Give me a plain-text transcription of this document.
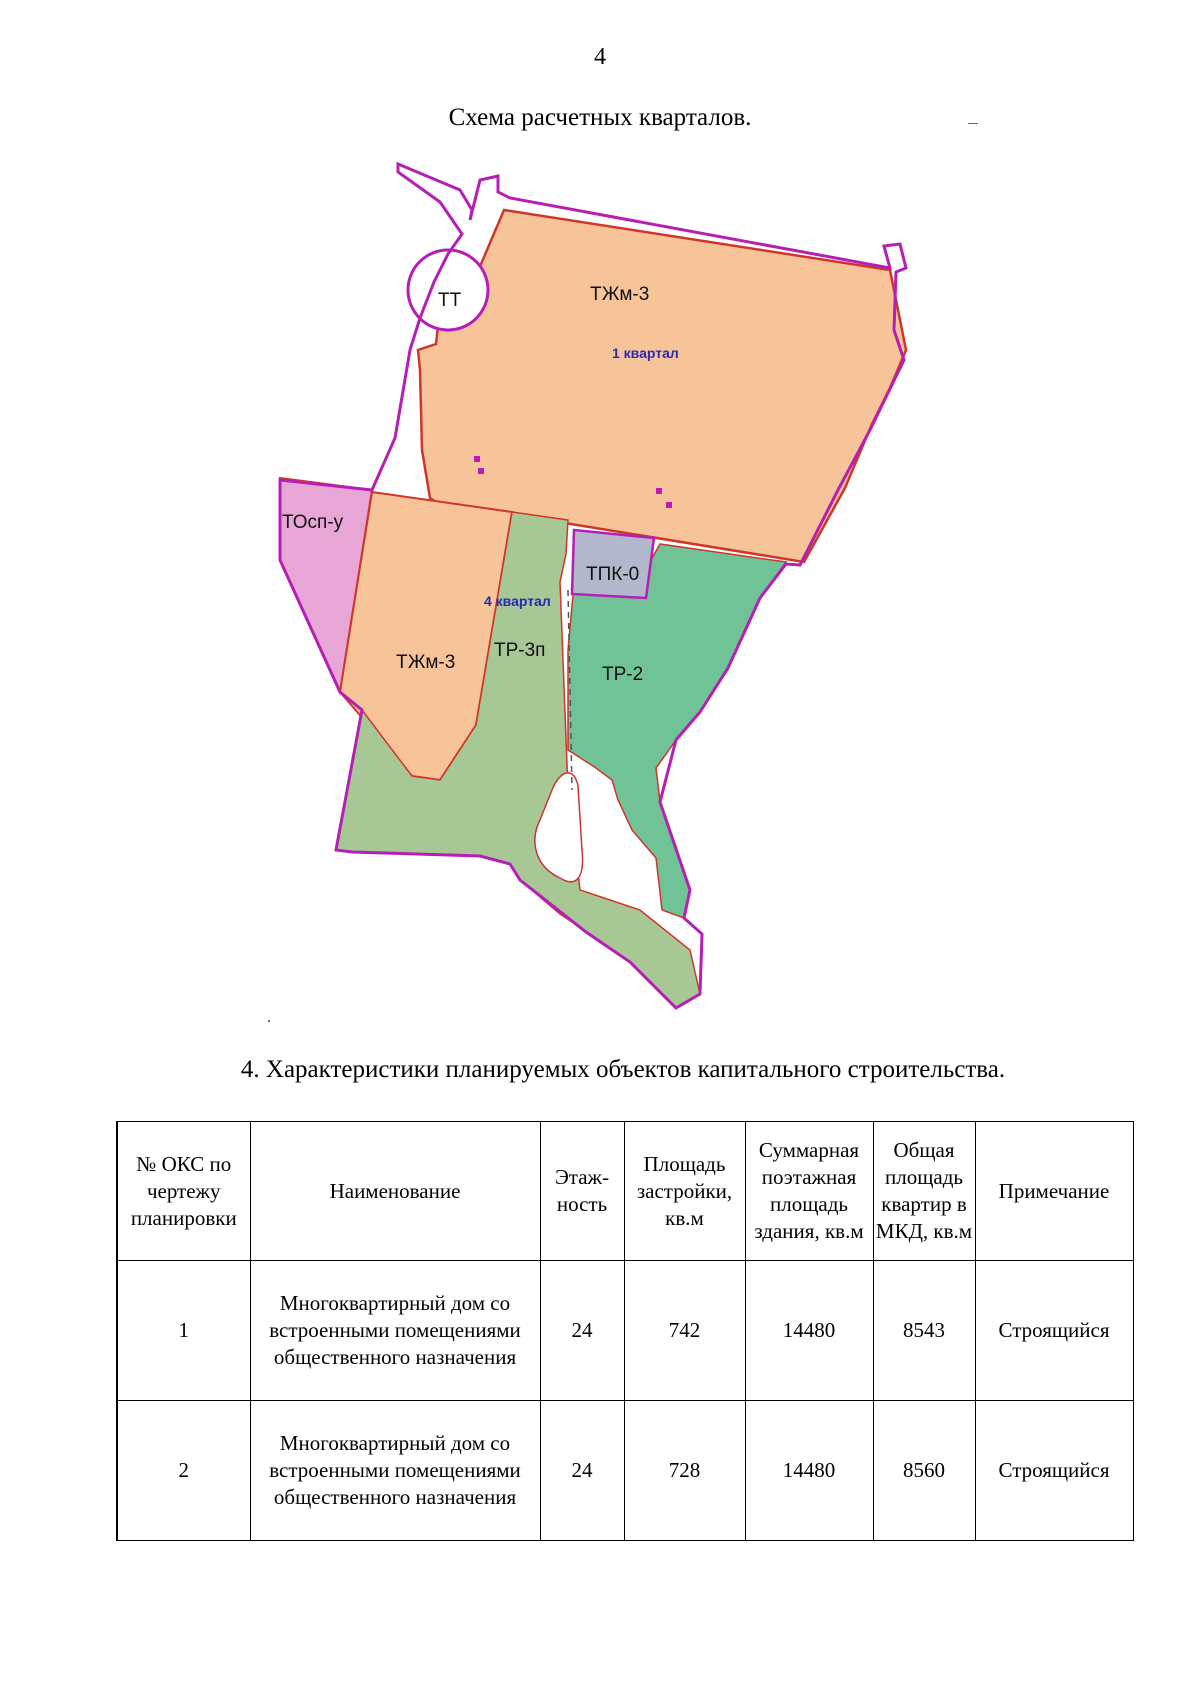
4
Схема расчетных кварталов.
ТТ	ТЖм-3
ТОсп-у
ТЖм-3
ТР-3п
ТПК-0
ТР-2
1 квартал
4 квартал
4. Характеристики планируемых объектов капитального строительства.
№ ОКС по чертежу планировки	Наименование	Этаж-ность	Площадь застройки, кв.м	Суммарная поэтажная площадь здания, кв.м	Общая площадь квартир в МКД, кв.м	Примечание
1	Многоквартирный дом со встроенными помещениями общественного назначения	24	742	14480	8543	Строящийся
2	Многоквартирный дом со встроенными помещениями общественного назначения	24	728	14480	8560	Строящийся
